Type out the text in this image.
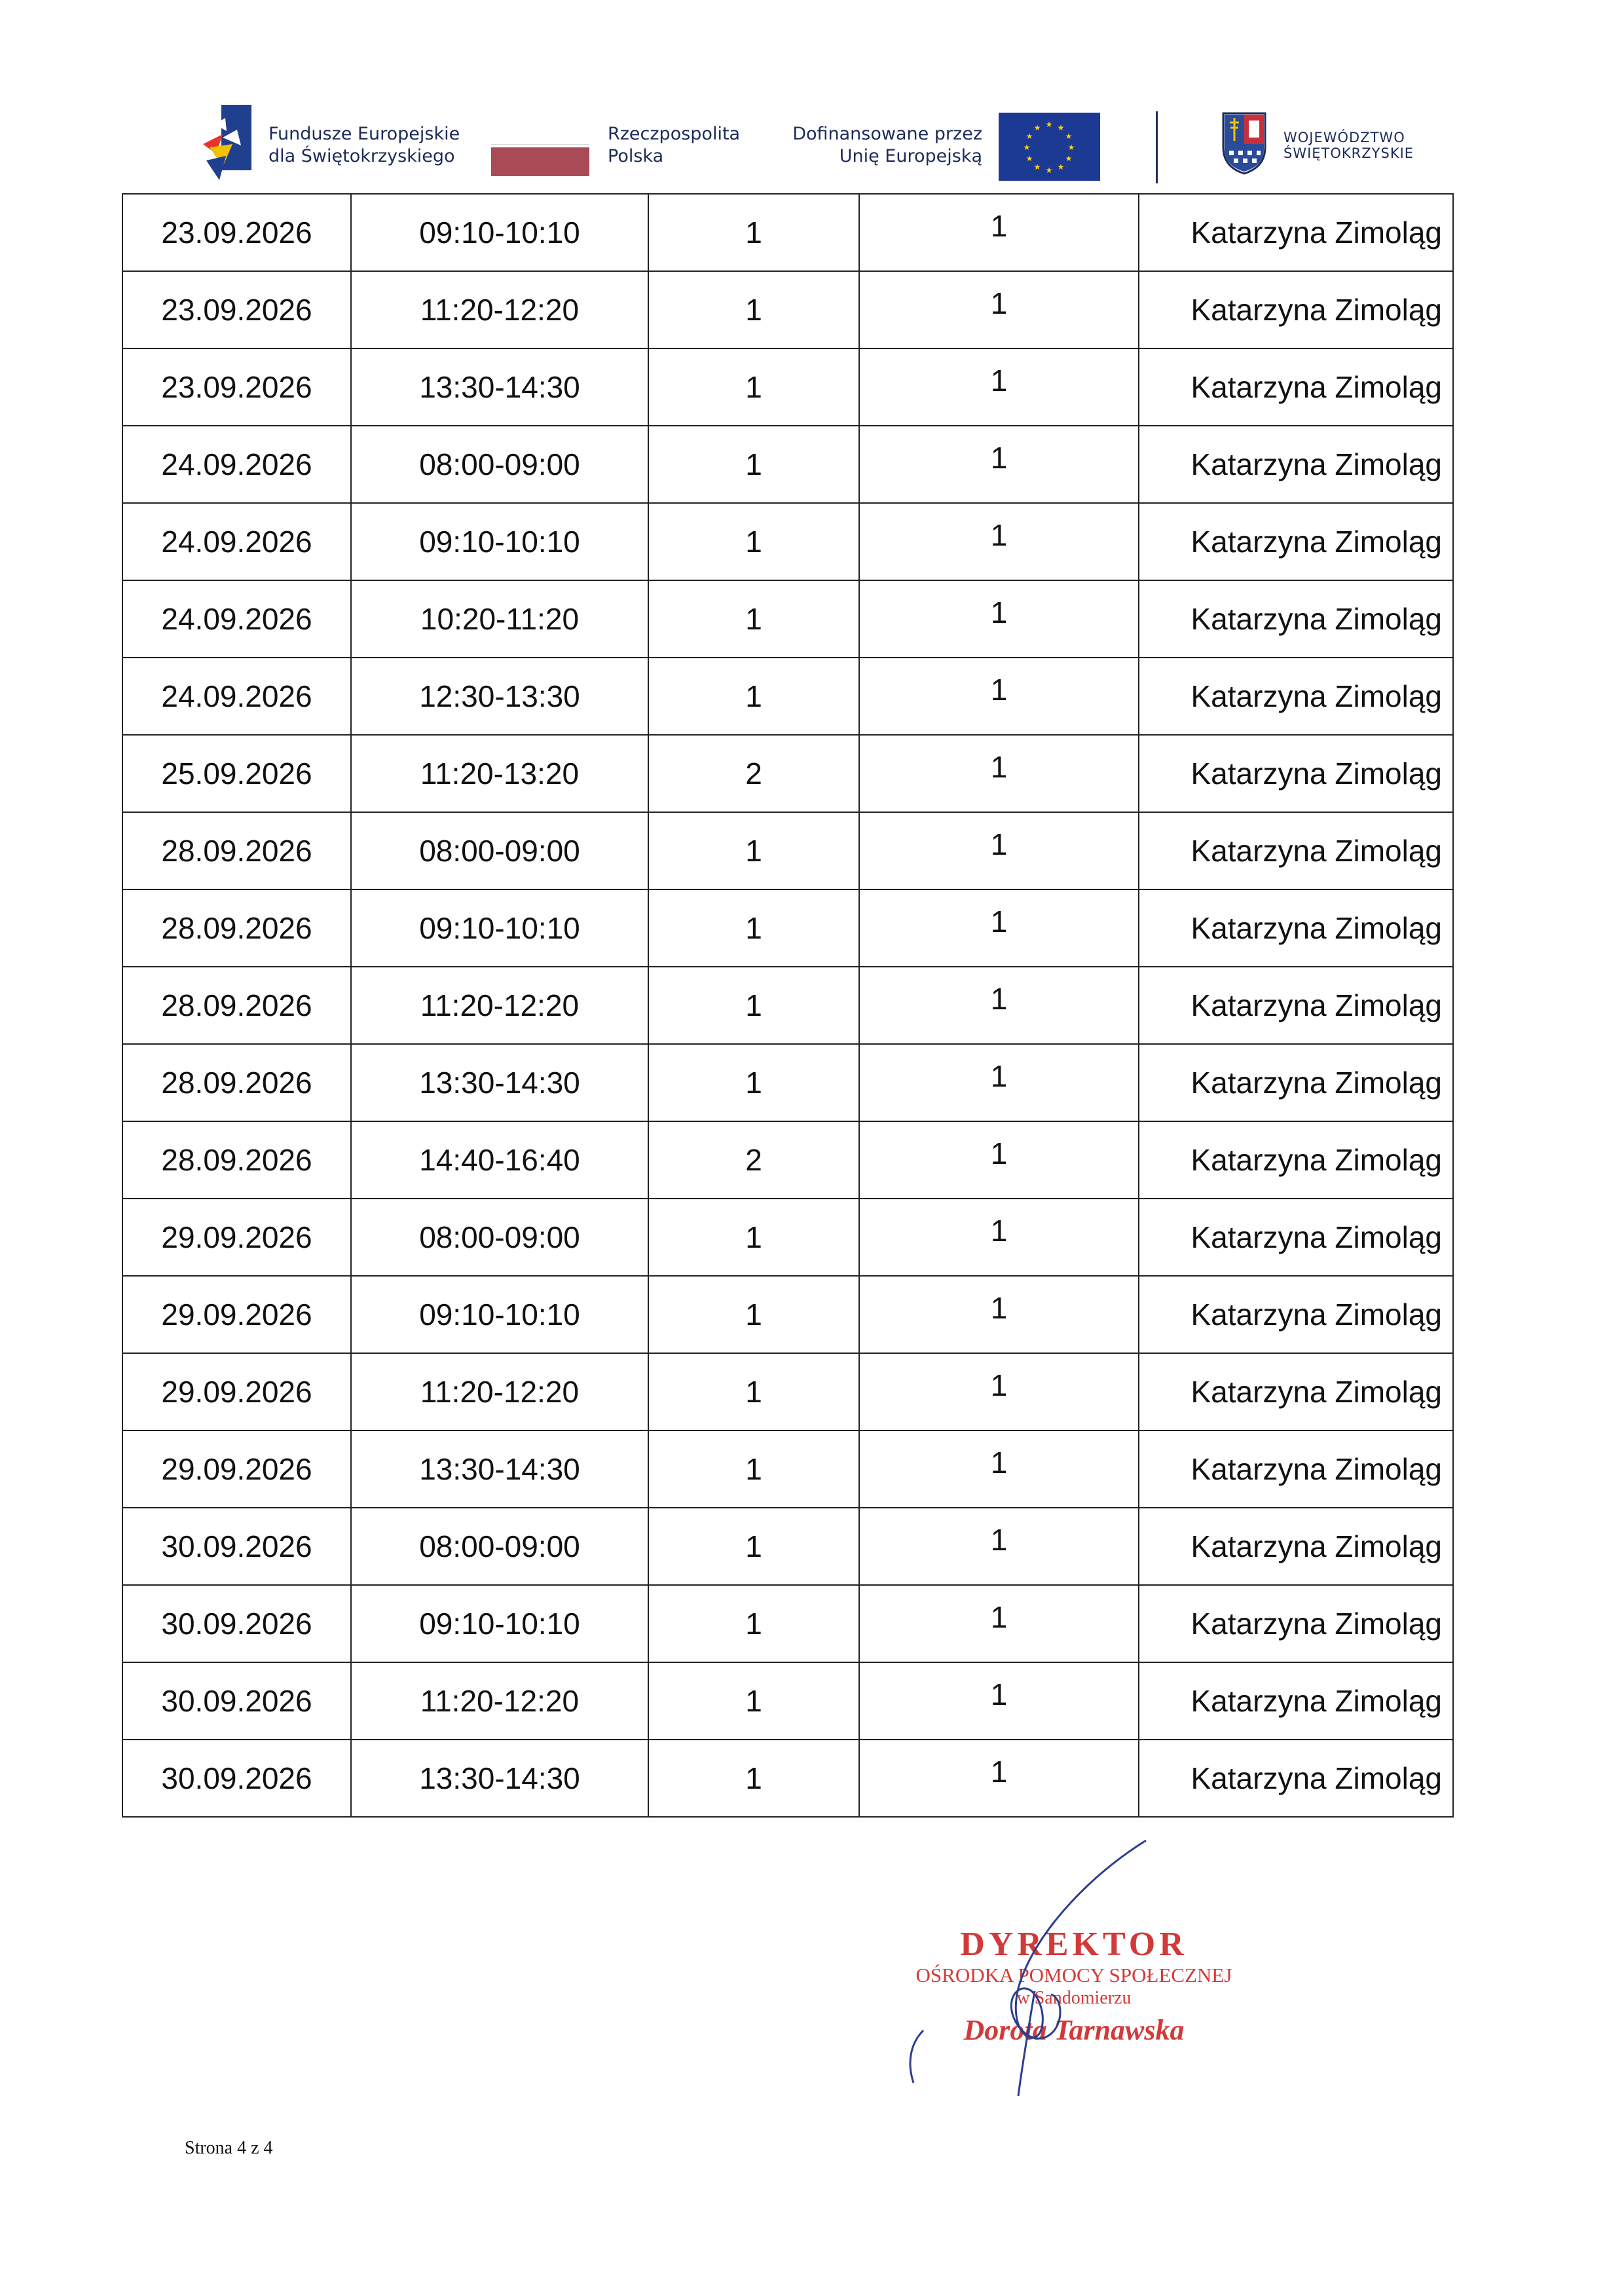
Fundusze Europejskie
dla Świętokrzyskiego
Rzeczpospolita
Polska
Dofinansowane przez
Unię Europejską
★ ★
★
★
★
★
★
★
★
★
★
★
WOJEWÓDZTWO
ŚWIĘTOKRZYSKIE
23.09.2026	09:10-10:10	1	1	Katarzyna Zimoląg
23.09.2026	11:20-12:20	1	1	Katarzyna Zimoląg
23.09.2026	13:30-14:30	1	1	Katarzyna Zimoląg
24.09.2026	08:00-09:00	1	1	Katarzyna Zimoląg
24.09.2026	09:10-10:10	1	1	Katarzyna Zimoląg
24.09.2026	10:20-11:20	1	1	Katarzyna Zimoląg
24.09.2026	12:30-13:30	1	1	Katarzyna Zimoląg
25.09.2026	11:20-13:20	2	1	Katarzyna Zimoląg
28.09.2026	08:00-09:00	1	1	Katarzyna Zimoląg
28.09.2026	09:10-10:10	1	1	Katarzyna Zimoląg
28.09.2026	11:20-12:20	1	1	Katarzyna Zimoląg
28.09.2026	13:30-14:30	1	1	Katarzyna Zimoląg
28.09.2026	14:40-16:40	2	1	Katarzyna Zimoląg
29.09.2026	08:00-09:00	1	1	Katarzyna Zimoląg
29.09.2026	09:10-10:10	1	1	Katarzyna Zimoląg
29.09.2026	11:20-12:20	1	1	Katarzyna Zimoląg
29.09.2026	13:30-14:30	1	1	Katarzyna Zimoląg
30.09.2026	08:00-09:00	1	1	Katarzyna Zimoląg
30.09.2026	09:10-10:10	1	1	Katarzyna Zimoląg
30.09.2026	11:20-12:20	1	1	Katarzyna Zimoląg
30.09.2026	13:30-14:30	1	1	Katarzyna Zimoląg
DYREKTOR
OŚRODKA POMOCY SPOŁECZNEJ
w Sandomierzu
Dorota Tarnawska
Strona 4 z 4
